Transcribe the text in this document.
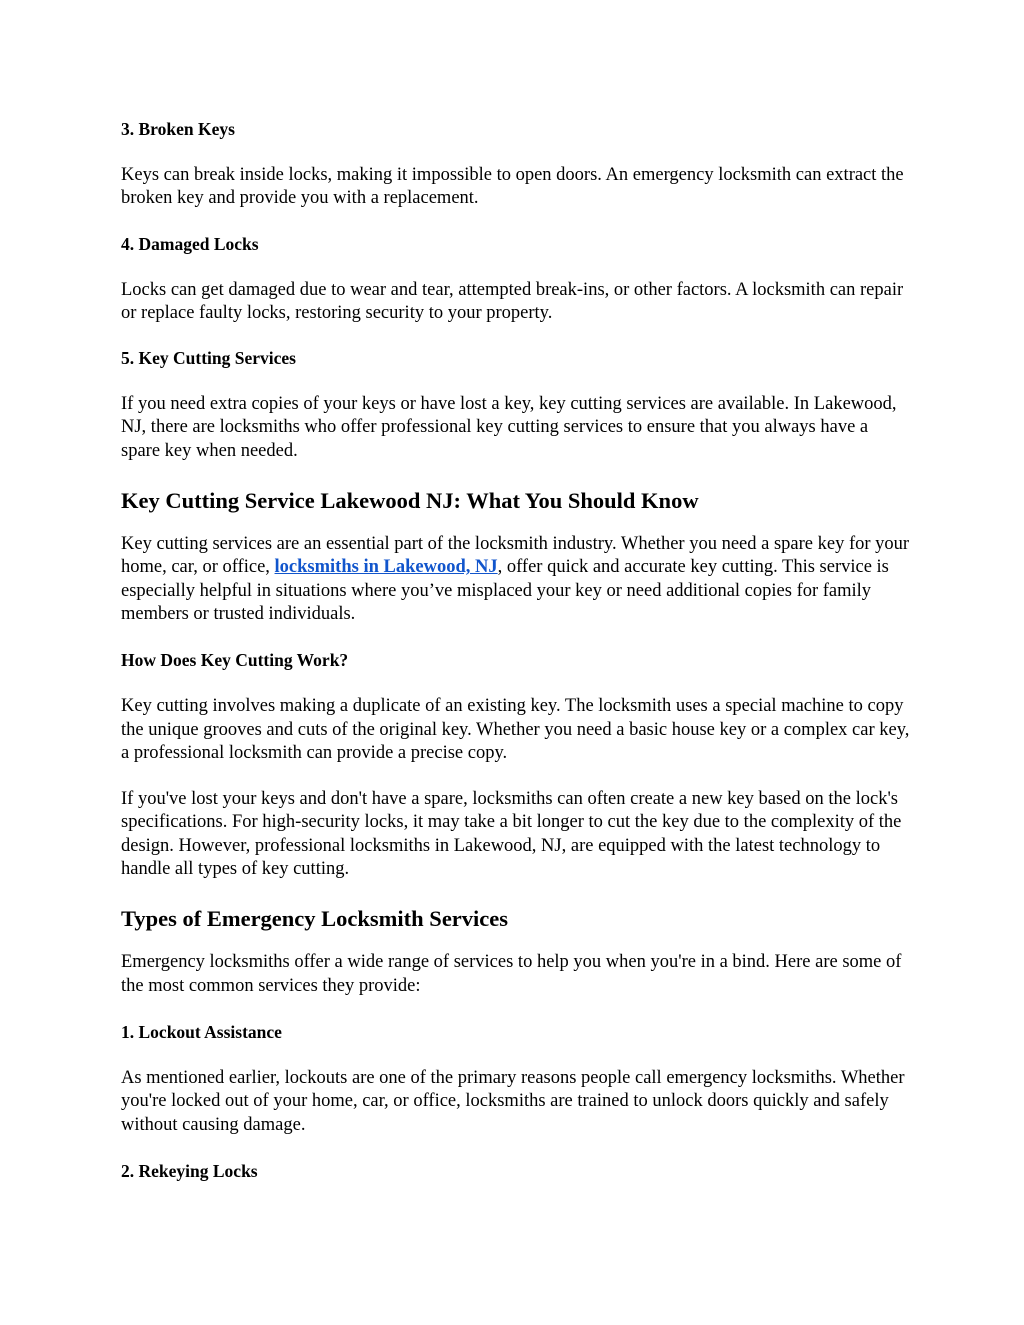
3. Broken Keys

Keys can break inside locks, making it impossible to open doors. An emergency locksmith can extract the broken key and provide you with a replacement.

4. Damaged Locks

Locks can get damaged due to wear and tear, attempted break-ins, or other factors. A locksmith can repair or replace faulty locks, restoring security to your property.

5. Key Cutting Services

If you need extra copies of your keys or have lost a key, key cutting services are available. In Lakewood, NJ, there are locksmiths who offer professional key cutting services to ensure that you always have a spare key when needed.

Key Cutting Service Lakewood NJ: What You Should Know

Key cutting services are an essential part of the locksmith industry. Whether you need a spare key for your home, car, or office, locksmiths in Lakewood, NJ, offer quick and accurate key cutting. This service is especially helpful in situations where you’ve misplaced your key or need additional copies for family members or trusted individuals.

How Does Key Cutting Work?

Key cutting involves making a duplicate of an existing key. The locksmith uses a special machine to copy the unique grooves and cuts of the original key. Whether you need a basic house key or a complex car key, a professional locksmith can provide a precise copy.

If you've lost your keys and don't have a spare, locksmiths can often create a new key based on the lock's specifications. For high-security locks, it may take a bit longer to cut the key due to the complexity of the design. However, professional locksmiths in Lakewood, NJ, are equipped with the latest technology to handle all types of key cutting.

Types of Emergency Locksmith Services

Emergency locksmiths offer a wide range of services to help you when you're in a bind. Here are some of the most common services they provide:

1. Lockout Assistance

As mentioned earlier, lockouts are one of the primary reasons people call emergency locksmiths. Whether you're locked out of your home, car, or office, locksmiths are trained to unlock doors quickly and safely without causing damage.

2. Rekeying Locks
